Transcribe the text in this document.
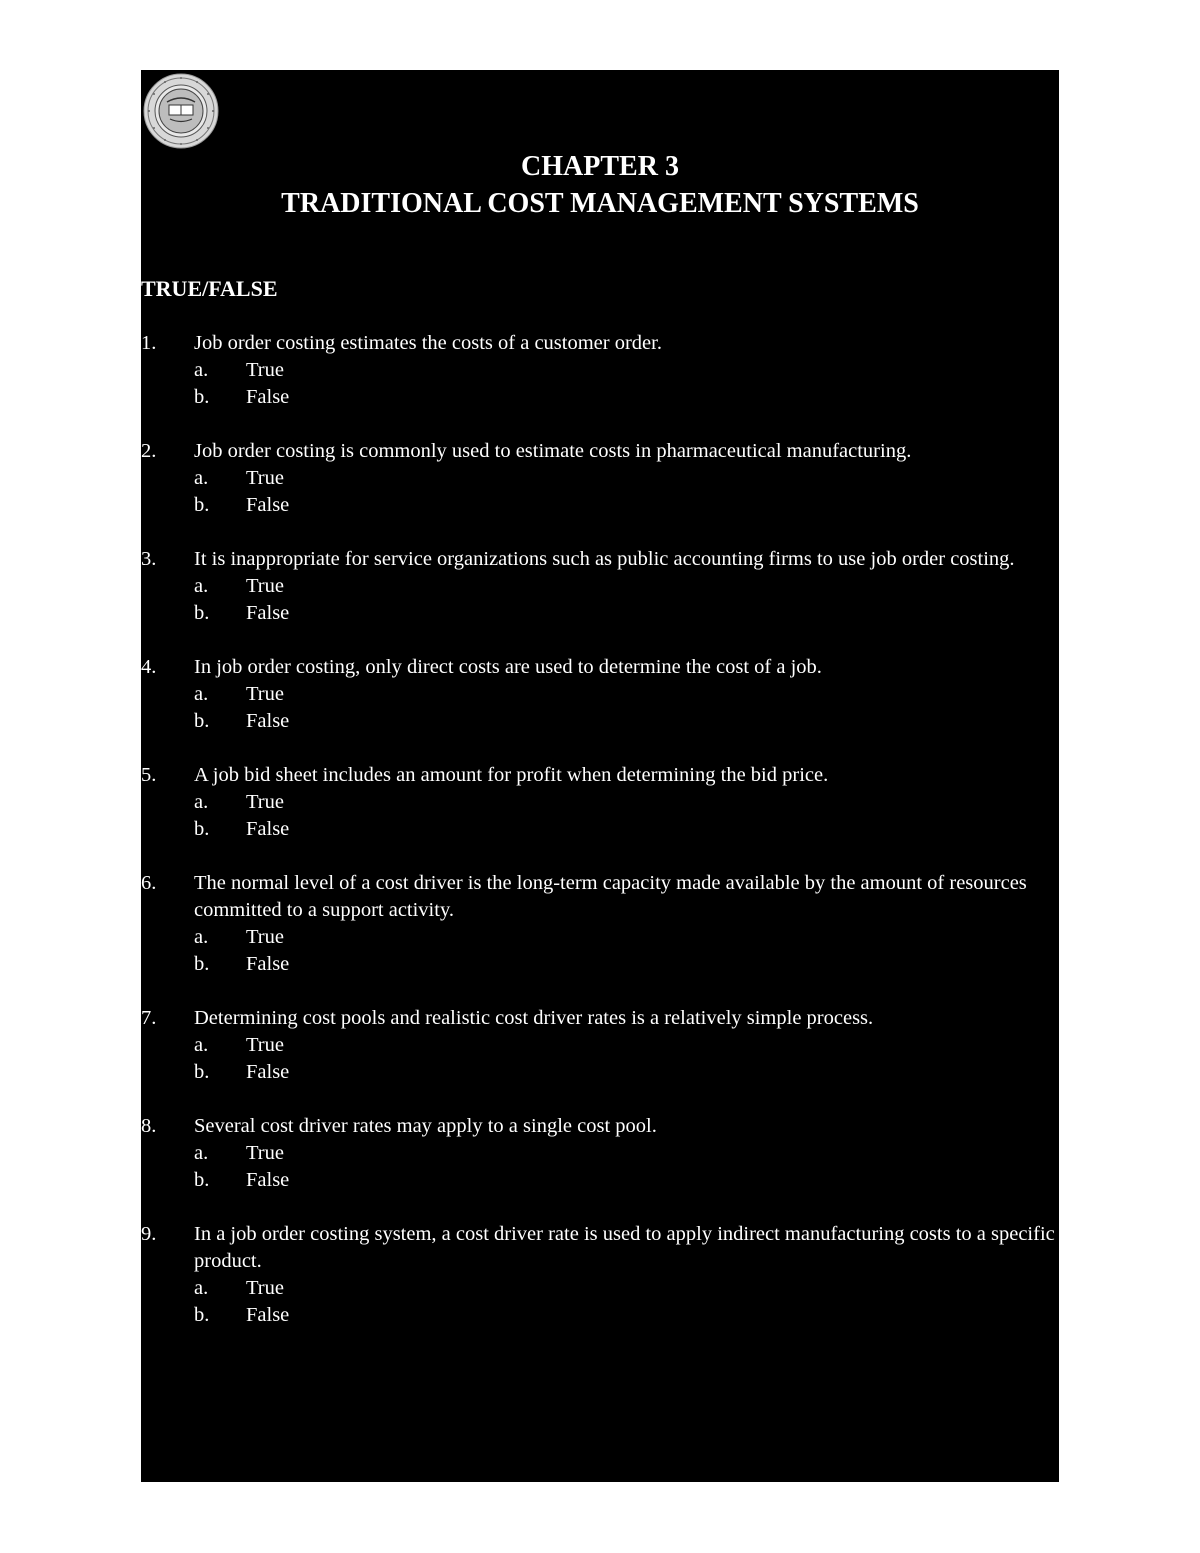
CHAPTER 3
TRADITIONAL COST MANAGEMENT SYSTEMS
TRUE/FALSE
1. Job order costing estimates the costs of a customer order.
a. True
b. False
2. Job order costing is commonly used to estimate costs in pharmaceutical manufacturing.
a. True
b. False
3. It is inappropriate for service organizations such as public accounting firms to use job order costing.
a. True
b. False
4. In job order costing, only direct costs are used to determine the cost of a job.
a. True
b. False
5. A job bid sheet includes an amount for profit when determining the bid price.
a. True
b. False
6. The normal level of a cost driver is the long-term capacity made available by the amount of resources committed to a support activity.
a. True
b. False
7. Determining cost pools and realistic cost driver rates is a relatively simple process.
a. True
b. False
8. Several cost driver rates may apply to a single cost pool.
a. True
b. False
9. In a job order costing system, a cost driver rate is used to apply indirect manufacturing costs to a specific product.
a. True
b. False
